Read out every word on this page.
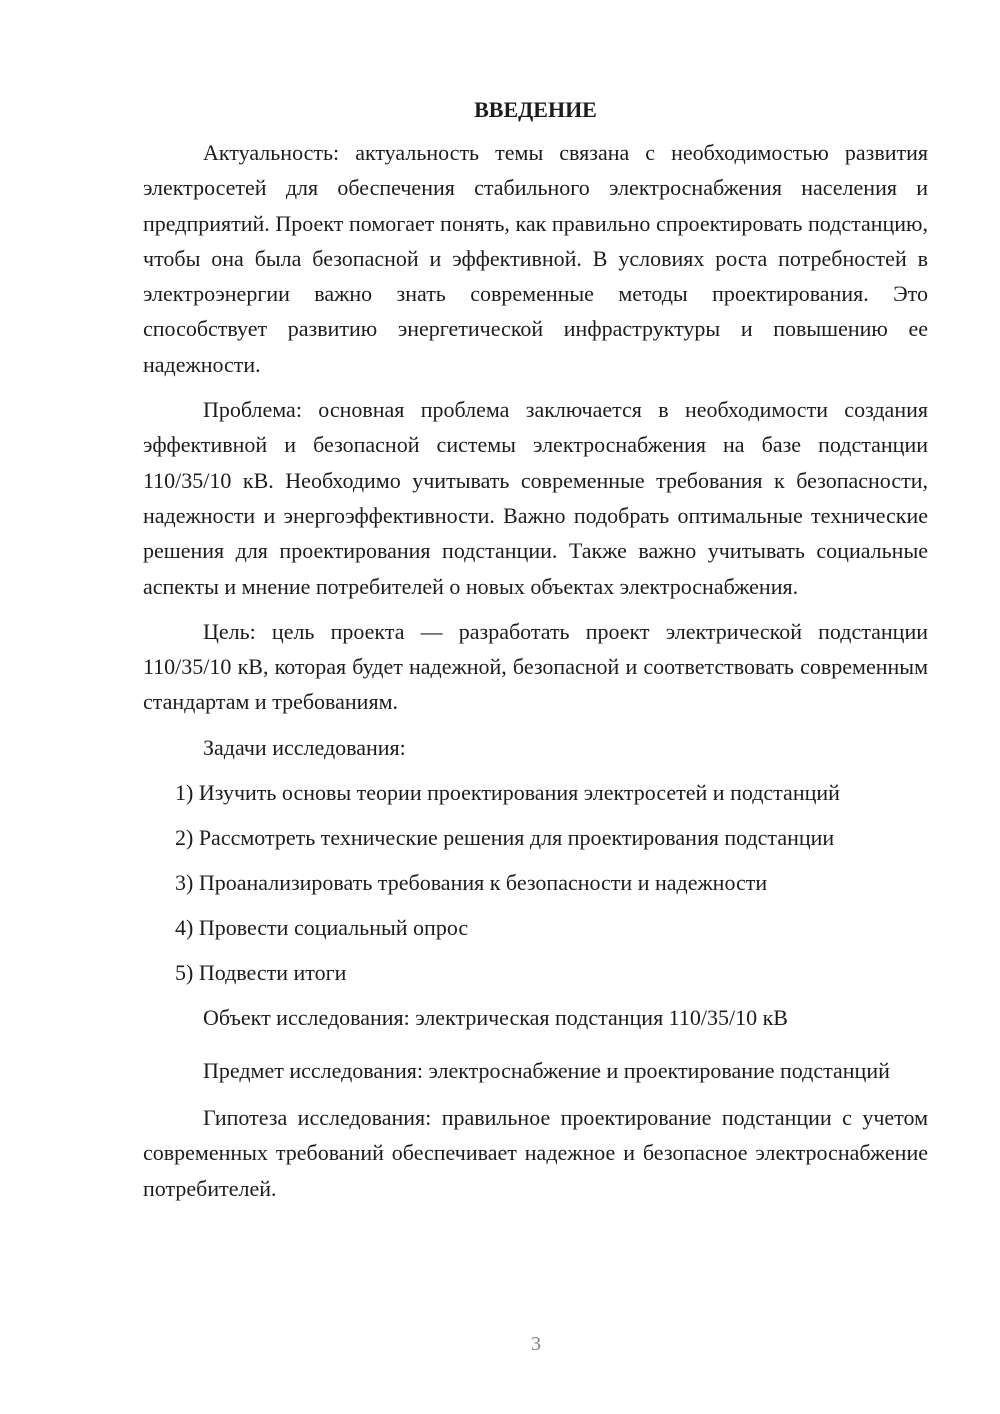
ВВЕДЕНИЕ

Актуальность: актуальность темы связана с необходимостью развития электросетей для обеспечения стабильного электроснабжения населения и предприятий. Проект помогает понять, как правильно спроектировать подстанцию, чтобы она была безопасной и эффективной. В условиях роста потребностей в электроэнергии важно знать современные методы проектирования. Это способствует развитию энергетической инфраструктуры и повышению ее надежности.

Проблема: основная проблема заключается в необходимости создания эффективной и безопасной системы электроснабжения на базе подстанции 110/35/10 кВ. Необходимо учитывать современные требования к безопасности, надежности и энергоэффективности. Важно подобрать оптимальные технические решения для проектирования подстанции. Также важно учитывать социальные аспекты и мнение потребителей о новых объектах электроснабжения.

Цель: цель проекта — разработать проект электрической подстанции 110/35/10 кВ, которая будет надежной, безопасной и соответствовать современным стандартам и требованиям.

Задачи исследования:

1) Изучить основы теории проектирования электросетей и подстанций
2) Рассмотреть технические решения для проектирования подстанции
3) Проанализировать требования к безопасности и надежности
4) Провести социальный опрос
5) Подвести итоги

Объект исследования: электрическая подстанция 110/35/10 кВ

Предмет исследования: электроснабжение и проектирование подстанций

Гипотеза исследования: правильное проектирование подстанции с учетом современных требований обеспечивает надежное и безопасное электроснабжение потребителей.

3
